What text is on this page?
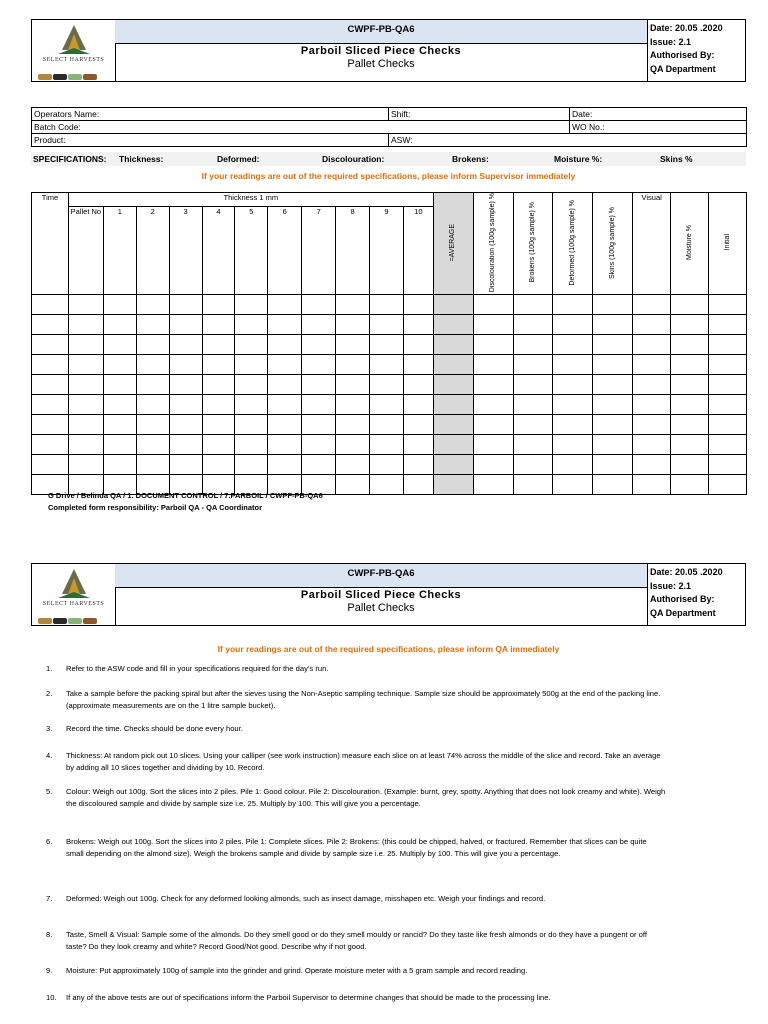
SELECT HARVESTS
CWPF-PB-QA6
Parboil Sliced Piece Checks
Pallet Checks
Date: 20.05 .2020
Issue: 2.1
Authorised By:
QA Department
Operators Name:	Shift:	Date:
Batch Code:		WO No.:
Product:	ASW:	
SPECIFICATIONS: Thickness:	Deformed:	Discolouration:	Brokens:	Moisture %:	Skins %
If your readings are out of the required specifications, please inform Supervisor immediately
Time	Thickness 1 mm											=AVERAGE	Discolouration (100g sample) %	Brokens (100g sample) %	Deformed (100g sample) %	Skins (100g sample) %	Visual	Moisture %	Initial
	Pallet No	1	2	3	4	5	6	7	8	9	10								

G Drive / Belinda QA / 1. DOCUMENT CONTROL / 7.PARBOIL / CWPF-PB-QA6
Completed form responsibility: Parboil QA - QA Coordinator
SELECT HARVESTS
CWPF-PB-QA6
Parboil Sliced Piece Checks
Pallet Checks
Date: 20.05 .2020
Issue: 2.1
Authorised By:
QA Department
If your readings are out of the required specifications, please inform QA immediately
1. Refer to the ASW code and fill in your specifications required for the day’s run.
2. Take a sample before the packing spiral but after the sieves using the Non-Aseptic sampling technique. Sample size should be approximately 500g at the end of the packing line. (approximate measurements are on the 1 litre sample bucket).
3. Record the time. Checks should be done every hour.
4. Thickness: At random pick out 10 slices. Using your calliper (see work instruction) measure each slice on at least 74% across the middle of the slice and record. Take an average by adding all 10 slices together and dividing by 10. Record.
5. Colour: Weigh out 100g. Sort the slices into 2 piles. Pile 1: Good colour. Pile 2: Discolouration. (Example: burnt, grey, spotty. Anything that does not look creamy and white). Weigh the discoloured sample and divide by sample size i.e. 25. Multiply by 100. This will give you a percentage.
6. Brokens: Weigh out 100g. Sort the slices into 2 piles. Pile 1: Complete slices. Pile 2: Brokens: (this could be chipped, halved, or fractured. Remember that slices can be quite small depending on the almond size). Weigh the brokens sample and divide by sample size i.e. 25. Multiply by 100. This will give you a percentage.
7. Deformed: Weigh out 100g. Check for any deformed looking almonds, such as insect damage, misshapen etc. Weigh your findings and record.
8. Taste, Smell & Visual: Sample some of the almonds. Do they smell good or do they smell mouldy or rancid? Do they taste like fresh almonds or do they have a pungent or off taste? Do they look creamy and white? Record Good/Not good. Describe why if not good.
9. Moisture: Put approximately 100g of sample into the grinder and grind. Operate moisture meter with a 5 gram sample and record reading.
10. If any of the above tests are out of specifications inform the Parboil Supervisor to determine changes that should be made to the processing line.
